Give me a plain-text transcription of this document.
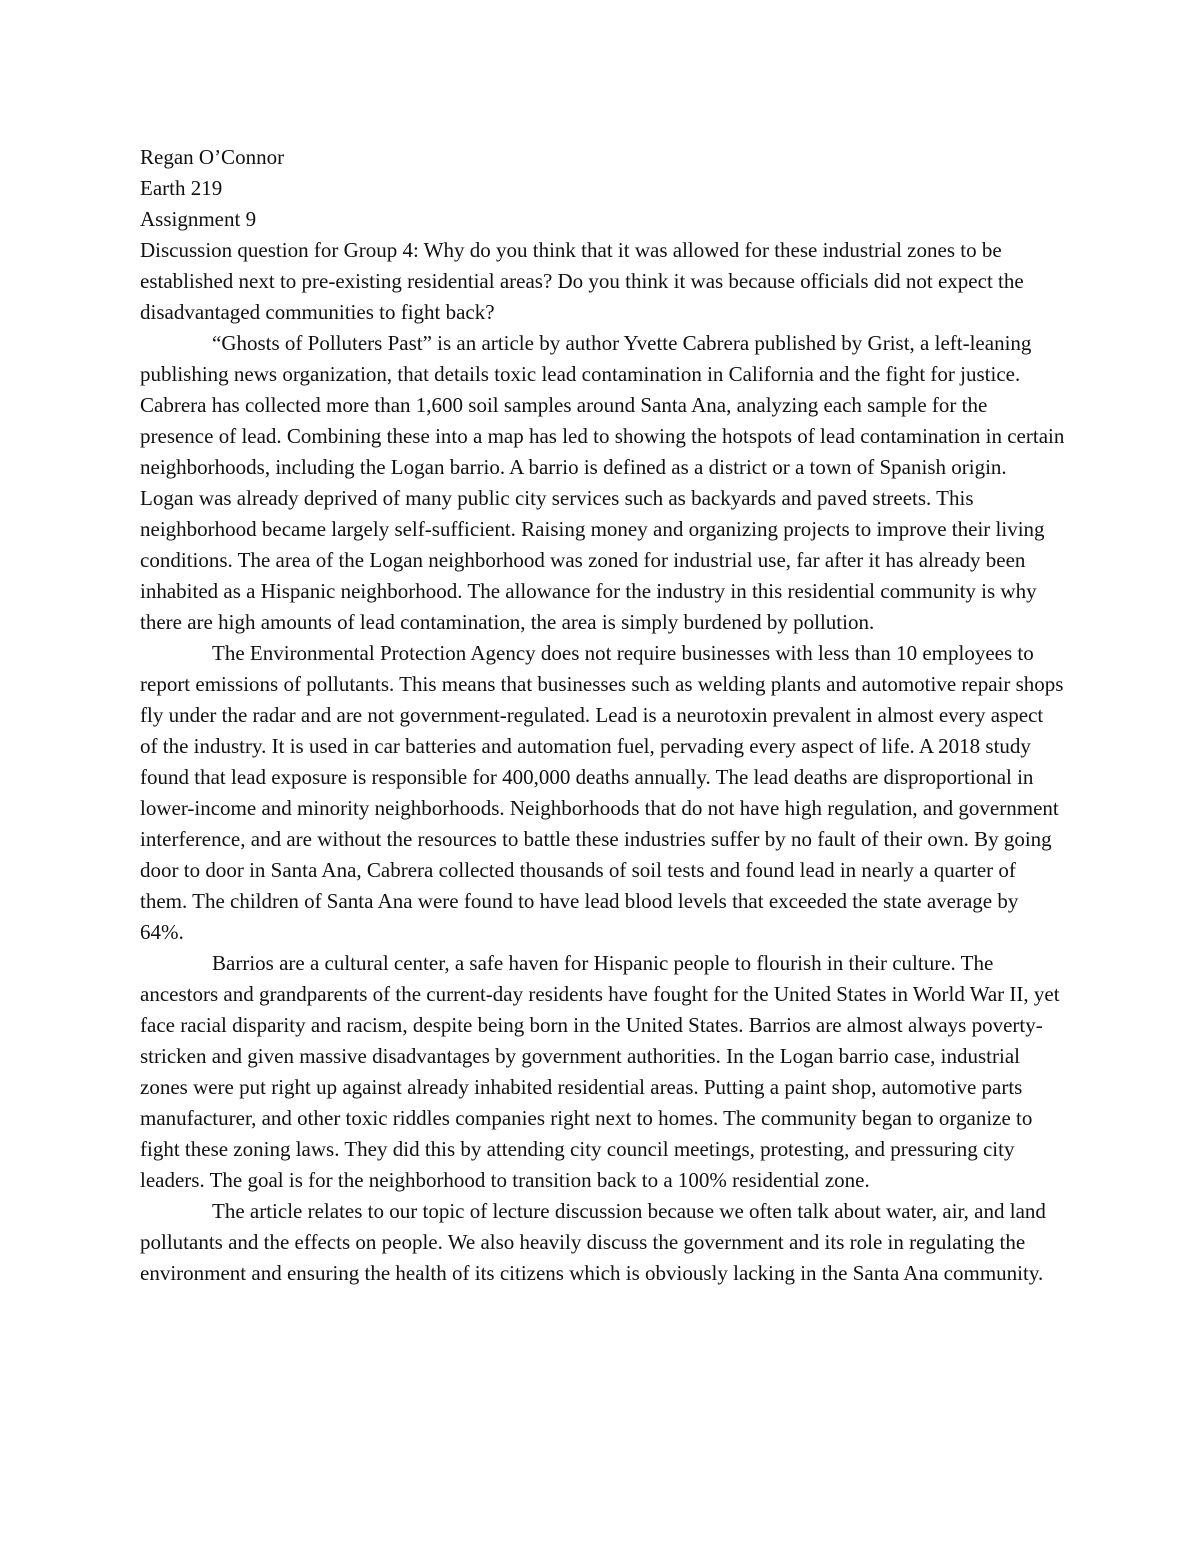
Regan O’Connor

Earth 219

Assignment 9

Discussion question for Group 4: Why do you think that it was allowed for these industrial zones to be established next to pre-existing residential areas? Do you think it was because officials did not expect the disadvantaged communities to fight back?

“Ghosts of Polluters Past” is an article by author Yvette Cabrera published by Grist, a left-leaning publishing news organization, that details toxic lead contamination in California and the fight for justice. Cabrera has collected more than 1,600 soil samples around Santa Ana, analyzing each sample for the presence of lead. Combining these into a map has led to showing the hotspots of lead contamination in certain neighborhoods, including the Logan barrio. A barrio is defined as a district or a town of Spanish origin. Logan was already deprived of many public city services such as backyards and paved streets. This neighborhood became largely self-sufficient. Raising money and organizing projects to improve their living conditions. The area of the Logan neighborhood was zoned for industrial use, far after it has already been inhabited as a Hispanic neighborhood. The allowance for the industry in this residential community is why there are high amounts of lead contamination, the area is simply burdened by pollution.

The Environmental Protection Agency does not require businesses with less than 10 employees to report emissions of pollutants. This means that businesses such as welding plants and automotive repair shops fly under the radar and are not government-regulated. Lead is a neurotoxin prevalent in almost every aspect of the industry. It is used in car batteries and automation fuel, pervading every aspect of life. A 2018 study found that lead exposure is responsible for 400,000 deaths annually. The lead deaths are disproportional in lower-income and minority neighborhoods. Neighborhoods that do not have high regulation, and government interference, and are without the resources to battle these industries suffer by no fault of their own. By going door to door in Santa Ana, Cabrera collected thousands of soil tests and found lead in nearly a quarter of them. The children of Santa Ana were found to have lead blood levels that exceeded the state average by 64%.

Barrios are a cultural center, a safe haven for Hispanic people to flourish in their culture. The ancestors and grandparents of the current-day residents have fought for the United States in World War II, yet face racial disparity and racism, despite being born in the United States. Barrios are almost always poverty-stricken and given massive disadvantages by government authorities. In the Logan barrio case, industrial zones were put right up against already inhabited residential areas. Putting a paint shop, automotive parts manufacturer, and other toxic riddles companies right next to homes. The community began to organize to fight these zoning laws. They did this by attending city council meetings, protesting, and pressuring city leaders. The goal is for the neighborhood to transition back to a 100% residential zone.

The article relates to our topic of lecture discussion because we often talk about water, air, and land pollutants and the effects on people. We also heavily discuss the government and its role in regulating the environment and ensuring the health of its citizens which is obviously lacking in the Santa Ana community.
